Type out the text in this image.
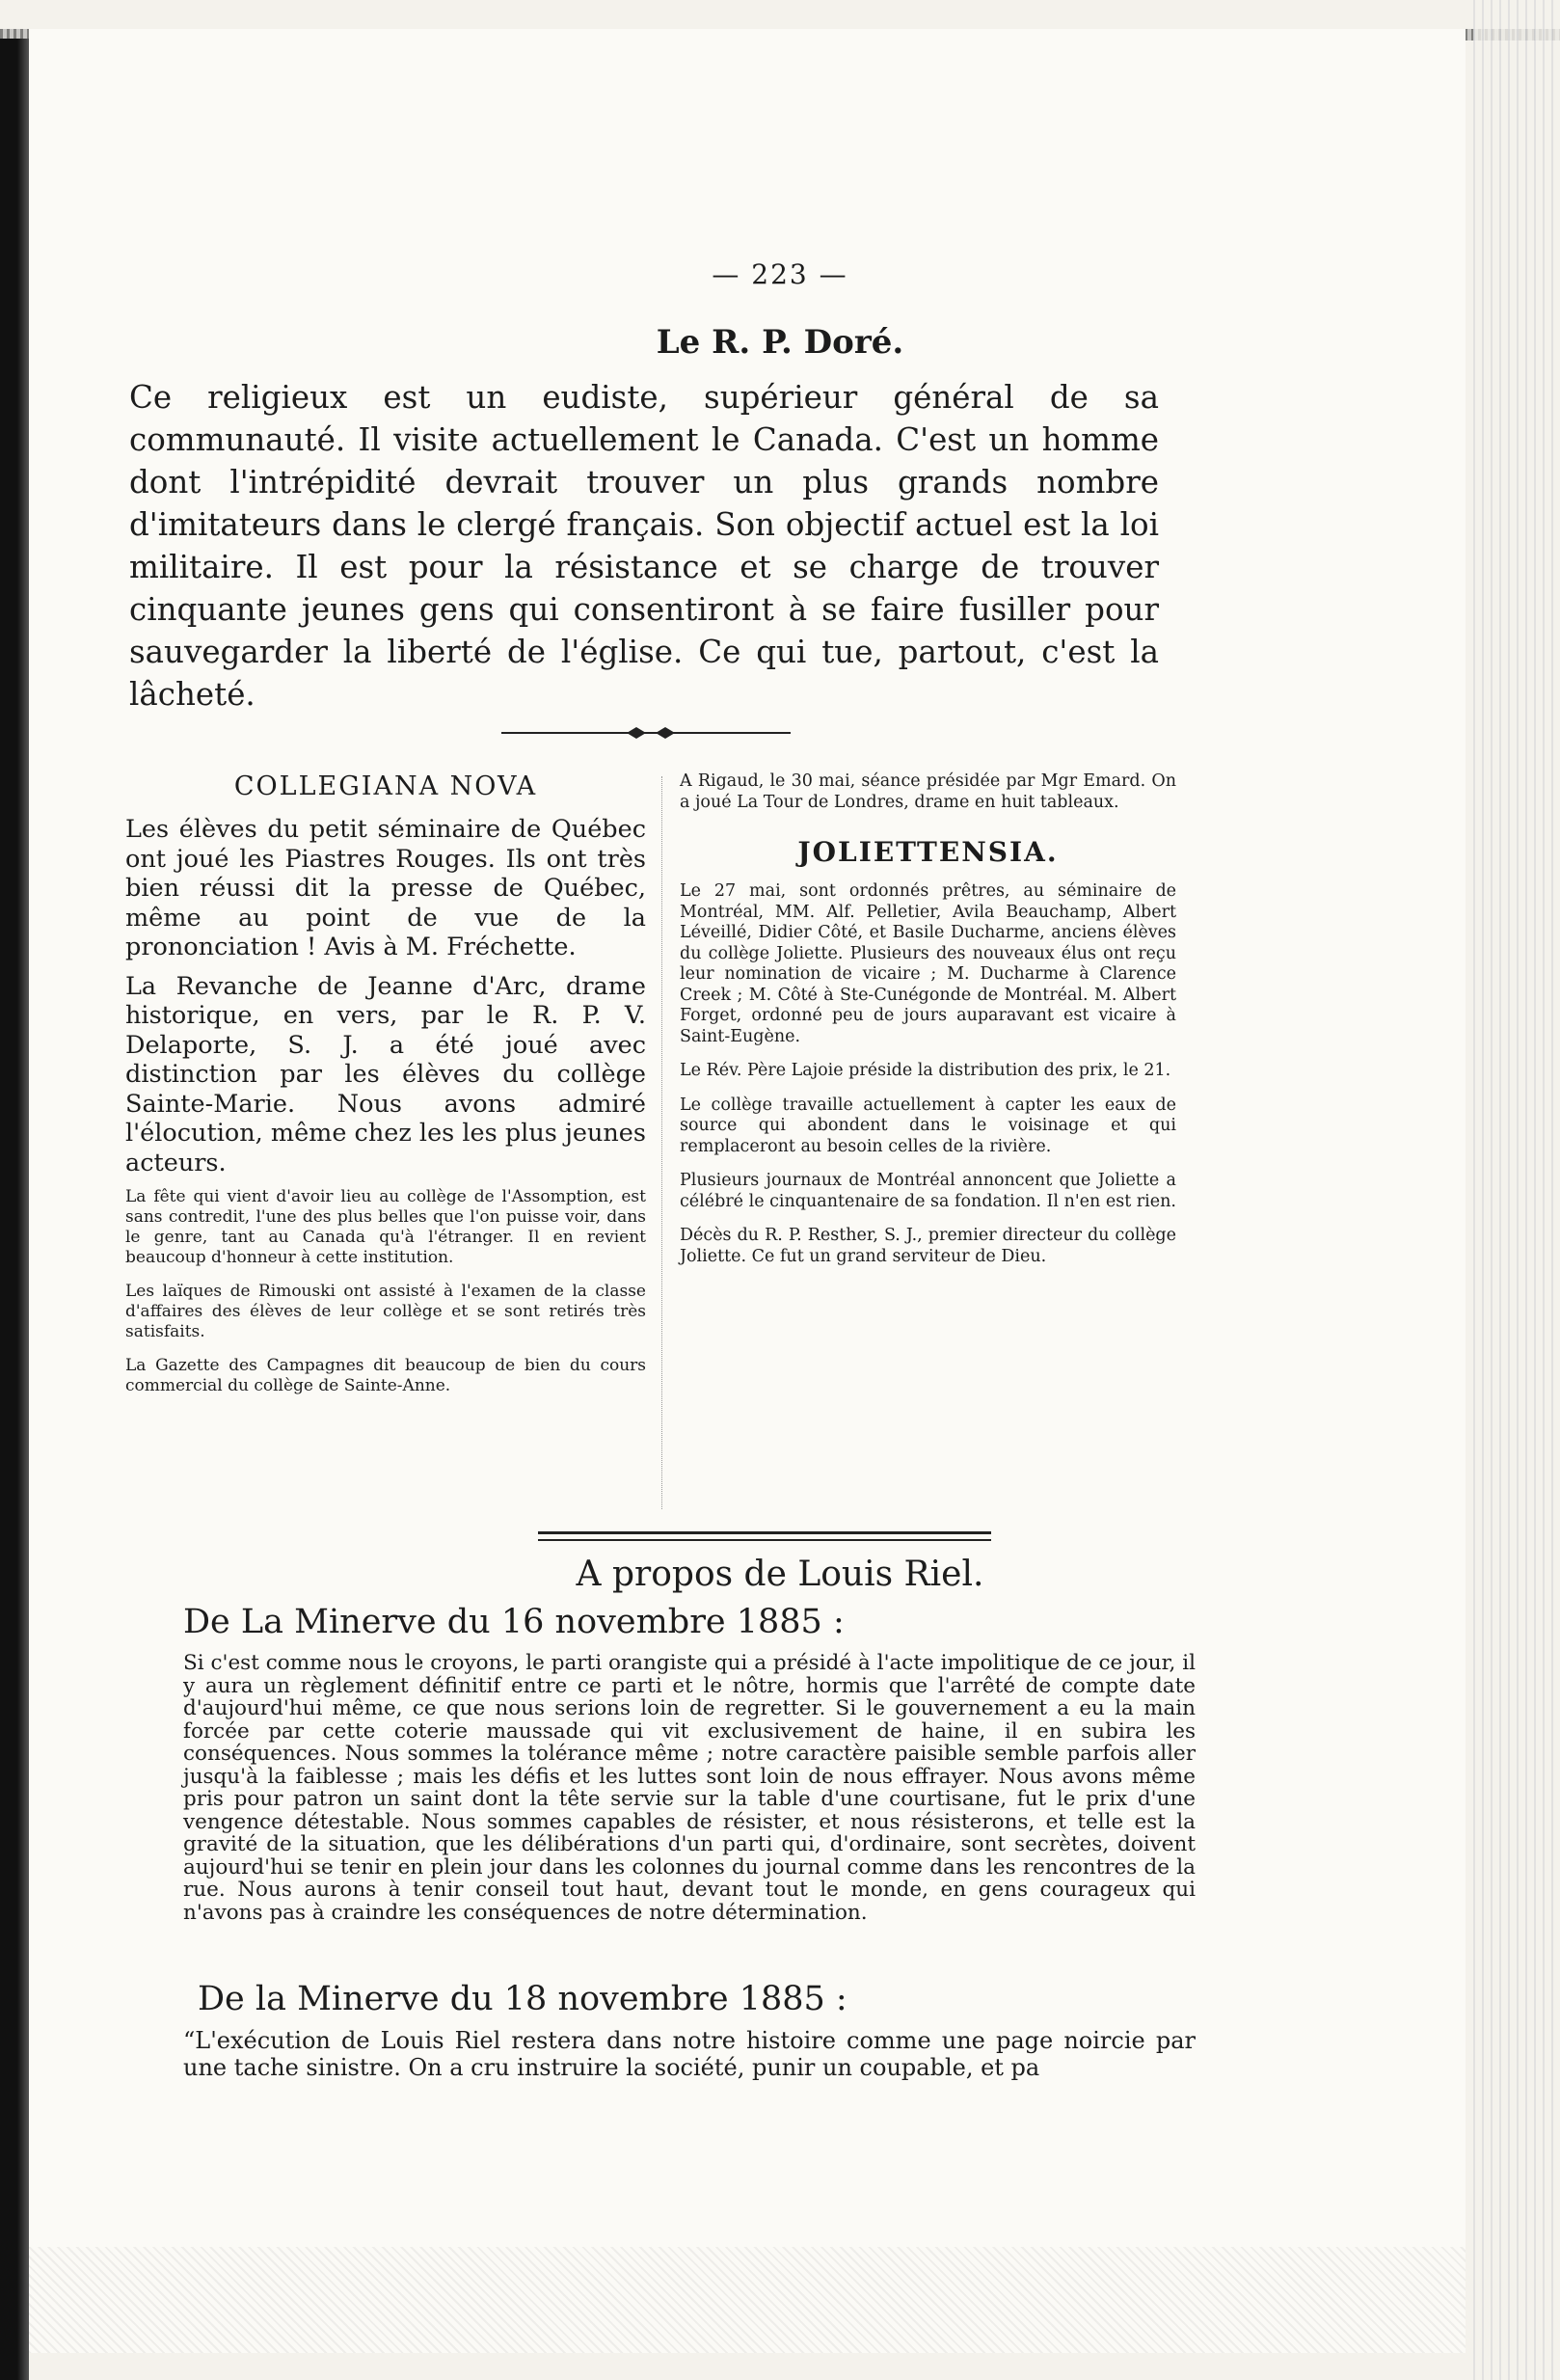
— 223 —
Le R. P. Doré.
Ce religieux est un eudiste, supérieur général de sa communauté. Il visite actuellement le Canada. C'est un homme dont l'intrépidité devrait trouver un plus grands nombre d'imitateurs dans le clergé français. Son objectif actuel est la loi militaire. Il est pour la résistance et se charge de trouver cinquante jeunes gens qui consentiront à se faire fusiller pour sauvegarder la liberté de l'église. Ce qui tue, partout, c'est la lâcheté.
COLLEGIANA NOVA

Les élèves du petit séminaire de Québec ont joué les Piastres Rouges. Ils ont très bien réussi dit la presse de Québec, même au point de vue de la prononciation ! Avis à M. Fréchette.

La Revanche de Jeanne d'Arc, drame historique, en vers, par le R. P. V. Delaporte, S. J. a été joué avec distinction par les élèves du collège Sainte-Marie. Nous avons admiré l'élocution, même chez les les plus jeunes acteurs.

La fête qui vient d'avoir lieu au collège de l'Assomption, est sans contredit, l'une des plus belles que l'on puisse voir, dans le genre, tant au Canada qu'à l'étranger. Il en revient beaucoup d'honneur à cette institution.

Les laïques de Rimouski ont assisté à l'examen de la classe d'affaires des élèves de leur collège et se sont retirés très satisfaits.

La Gazette des Campagnes dit beaucoup de bien du cours commercial du collège de Sainte-Anne.

A Rigaud, le 30 mai, séance présidée par Mgr Emard. On a joué La Tour de Londres, drame en huit tableaux.

JOLIETTENSIA.

Le 27 mai, sont ordonnés prêtres, au séminaire de Montréal, MM. Alf. Pelletier, Avila Beauchamp, Albert Léveillé, Didier Côté, et Basile Ducharme, anciens élèves du collège Joliette. Plusieurs des nouveaux élus ont reçu leur nomination de vicaire ; M. Ducharme à Clarence Creek ; M. Côté à Ste-Cunégonde de Montréal. M. Albert Forget, ordonné peu de jours auparavant est vicaire à Saint-Eugène.

Le Rév. Père Lajoie préside la distribution des prix, le 21.

Le collège travaille actuellement à capter les eaux de source qui abondent dans le voisinage et qui remplaceront au besoin celles de la rivière.

Plusieurs journaux de Montréal annoncent que Joliette a célébré le cinquantenaire de sa fondation. Il n'en est rien.

Décès du R. P. Resther, S. J., premier directeur du collège Joliette. Ce fut un grand serviteur de Dieu.

A propos de Louis Riel.
De La Minerve du 16 novembre 1885 :
Si c'est comme nous le croyons, le parti orangiste qui a présidé à l'acte impolitique de ce jour, il y aura un règlement définitif entre ce parti et le nôtre, hormis que l'arrêté de compte date d'aujourd'hui même, ce que nous serions loin de regretter. Si le gouvernement a eu la main forcée par cette coterie maussade qui vit exclusivement de haine, il en subira les conséquences. Nous sommes la tolérance même ; notre caractère paisible semble parfois aller jusqu'à la faiblesse ; mais les défis et les luttes sont loin de nous effrayer. Nous avons même pris pour patron un saint dont la tête servie sur la table d'une courtisane, fut le prix d'une vengence détestable. Nous sommes capables de résister, et nous résisterons, et telle est la gravité de la situation, que les délibérations d'un parti qui, d'ordinaire, sont secrètes, doivent aujourd'hui se tenir en plein jour dans les colonnes du journal comme dans les rencontres de la rue. Nous aurons à tenir conseil tout haut, devant tout le monde, en gens courageux qui n'avons pas à craindre les conséquences de notre détermination.
De la Minerve du 18 novembre 1885 :
“L'exécution de Louis Riel restera dans notre histoire comme une page noircie par une tache sinistre. On a cru instruire la société, punir un coupable, et pa
